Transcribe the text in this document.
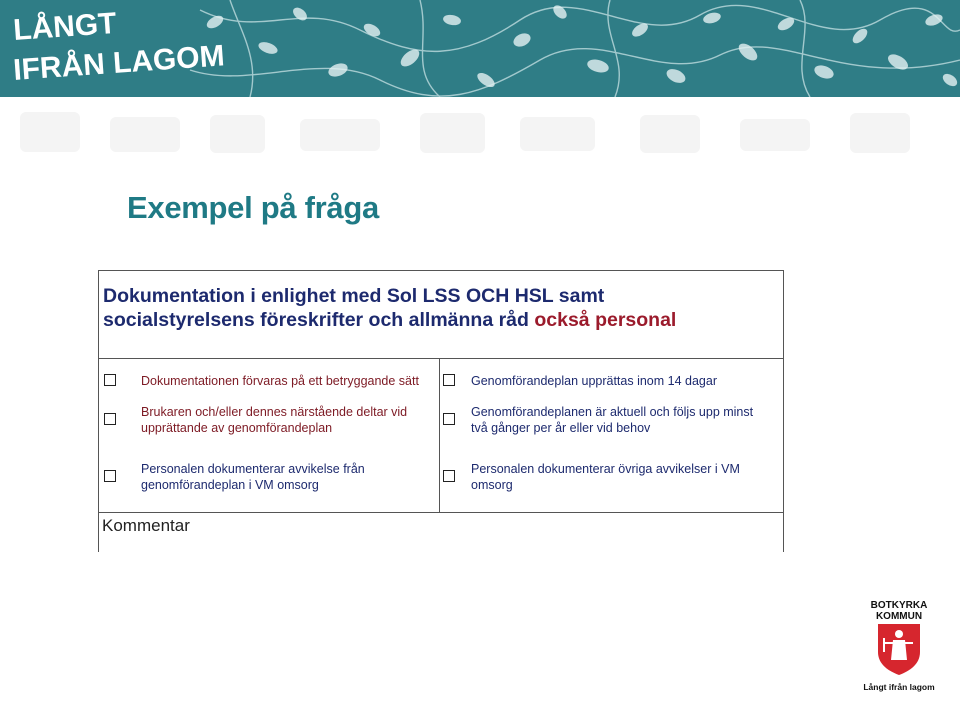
LÅNGT
IFRÅN LAGOM
Exempel på fråga
Dokumentation i enlighet med Sol LSS OCH HSL samt
socialstyrelsens föreskrifter och allmänna råd också personal
Dokumentationen förvaras på ett betryggande sätt	Genomförandeplan upprättas inom 14 dagar
Brukaren och/eller dennes närstående deltar vid
upprättande av genomförandeplan
Genomförandeplanen är aktuell och följs upp minst
två gånger per år eller vid behov
Personalen dokumenterar avvikelse från
genomförandeplan i VM omsorg
Personalen dokumenterar övriga avvikelser i VM
omsorg
Kommentar
BOTKYRKA
KOMMUN
Långt ifrån lagom
